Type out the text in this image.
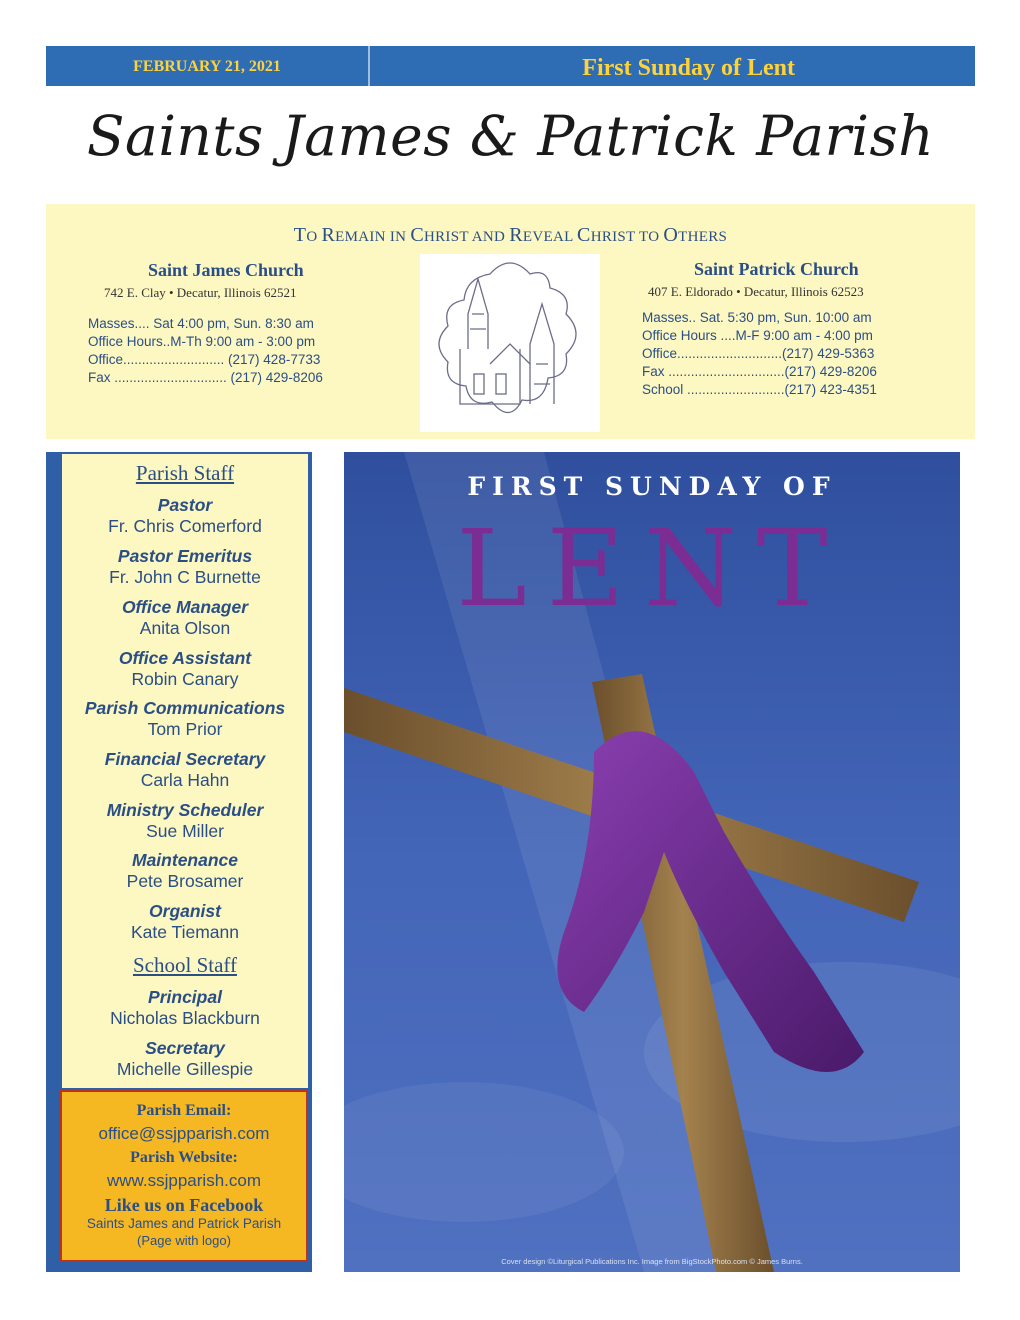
FEBRUARY 21, 2021	First Sunday of Lent
Saints James & Patrick Parish
TO REMAIN IN CHRIST AND REVEAL CHRIST TO OTHERS
Saint James Church
742 E. Clay • Decatur, Illinois 62521
Masses.... Sat 4:00 pm, Sun. 8:30 am
Office Hours..M-Th 9:00 am - 3:00 pm
Office........................... (217) 428-7733
Fax .............................. (217) 429-8206
Saint Patrick Church
407 E. Eldorado • Decatur, Illinois 62523
Masses.. Sat. 5:30 pm, Sun. 10:00 am
Office Hours ....M-F 9:00 am - 4:00 pm
Office............................(217) 429-5363
Fax ...............................(217) 429-8206
School ..........................(217) 423-4351
Parish Staff
Pastor
Fr. Chris Comerford
Pastor Emeritus
Fr. John C Burnette
Office Manager
Anita Olson
Office Assistant
Robin Canary
Parish Communications
Tom Prior
Financial Secretary
Carla Hahn
Ministry Scheduler
Sue Miller
Maintenance
Pete Brosamer
Organist
Kate Tiemann
School Staff
Principal
Nicholas Blackburn
Secretary
Michelle Gillespie
Parish Email:
office@ssjpparish.com
Parish Website:
www.ssjpparish.com
Like us on Facebook
Saints James and Patrick Parish
(Page with logo)
FIRST SUNDAY OF
LENT
Cover design ©Liturgical Publications Inc. Image from BigStockPhoto.com © James Burns.
